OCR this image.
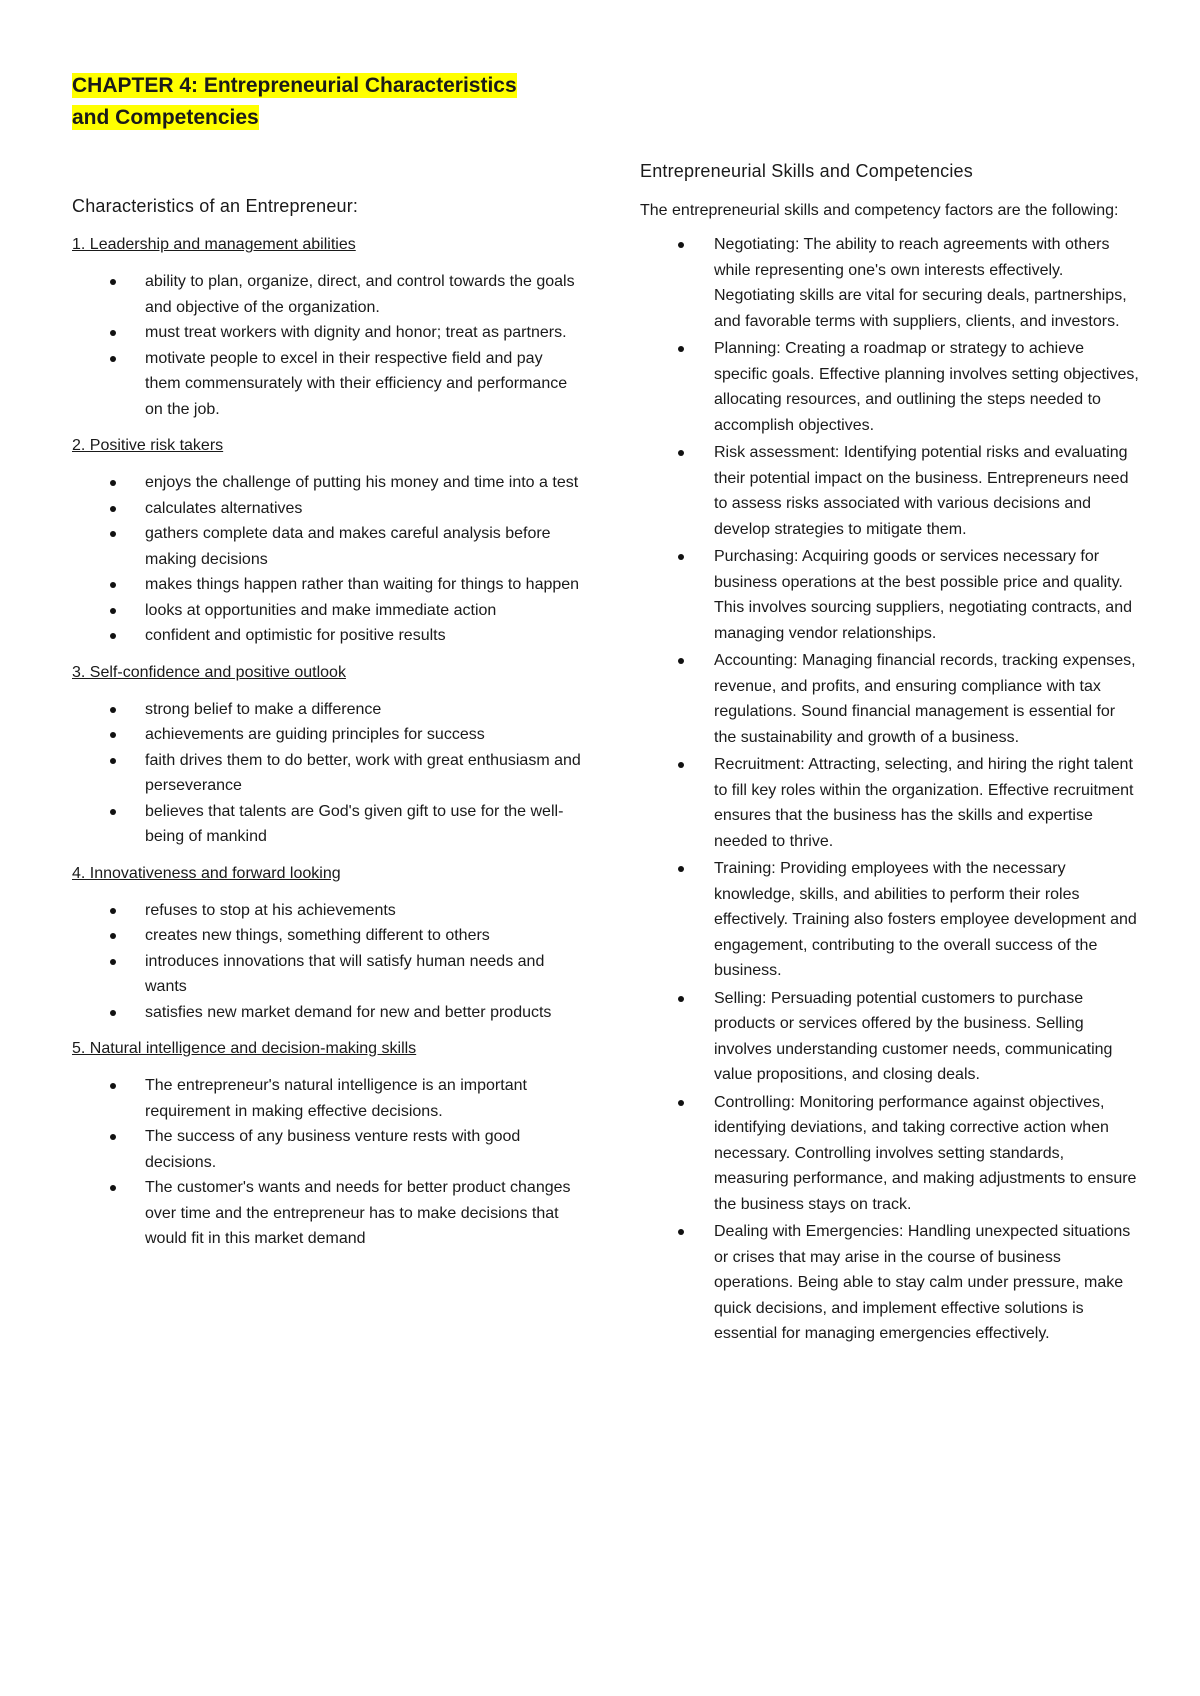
CHAPTER 4: Entrepreneurial Characteristics and Competencies
Characteristics of an Entrepreneur:
1. Leadership and management abilities
ability to plan, organize, direct, and control towards the goals and objective of the organization.
must treat workers with dignity and honor; treat as partners.
motivate people to excel in their respective field and pay them commensurately with their efficiency and performance on the job.
2. Positive risk takers
enjoys the challenge of putting his money and time into a test
calculates alternatives
gathers complete data and makes careful analysis before making decisions
makes things happen rather than waiting for things to happen
looks at opportunities and make immediate action
confident and optimistic for positive results
3. Self-confidence and positive outlook
strong belief to make a difference
achievements are guiding principles for success
faith drives them to do better, work with great enthusiasm and perseverance
believes that talents are God's given gift to use for the well-being of mankind
4. Innovativeness and forward looking
refuses to stop at his achievements
creates new things, something different to others
introduces innovations that will satisfy human needs and wants
satisfies new market demand for new and better products
5. Natural intelligence and decision-making skills
The entrepreneur's natural intelligence is an important requirement in making effective decisions.
The success of any business venture rests with good decisions.
The customer's wants and needs for better product changes over time and the entrepreneur has to make decisions that would fit in this market demand
Entrepreneurial Skills and Competencies

The entrepreneurial skills and competency factors are the following:

Negotiating: The ability to reach agreements with others while representing one's own interests effectively. Negotiating skills are vital for securing deals, partnerships, and favorable terms with suppliers, clients, and investors.
Planning: Creating a roadmap or strategy to achieve specific goals. Effective planning involves setting objectives, allocating resources, and outlining the steps needed to accomplish objectives.
Risk assessment: Identifying potential risks and evaluating their potential impact on the business. Entrepreneurs need to assess risks associated with various decisions and develop strategies to mitigate them.
Purchasing: Acquiring goods or services necessary for business operations at the best possible price and quality. This involves sourcing suppliers, negotiating contracts, and managing vendor relationships.
Accounting: Managing financial records, tracking expenses, revenue, and profits, and ensuring compliance with tax regulations. Sound financial management is essential for the sustainability and growth of a business.
Recruitment: Attracting, selecting, and hiring the right talent to fill key roles within the organization. Effective recruitment ensures that the business has the skills and expertise needed to thrive.
Training: Providing employees with the necessary knowledge, skills, and abilities to perform their roles effectively. Training also fosters employee development and engagement, contributing to the overall success of the business.
Selling: Persuading potential customers to purchase products or services offered by the business. Selling involves understanding customer needs, communicating value propositions, and closing deals.
Controlling: Monitoring performance against objectives, identifying deviations, and taking corrective action when necessary. Controlling involves setting standards, measuring performance, and making adjustments to ensure the business stays on track.
Dealing with Emergencies: Handling unexpected situations or crises that may arise in the course of business operations. Being able to stay calm under pressure, make quick decisions, and implement effective solutions is essential for managing emergencies effectively.
